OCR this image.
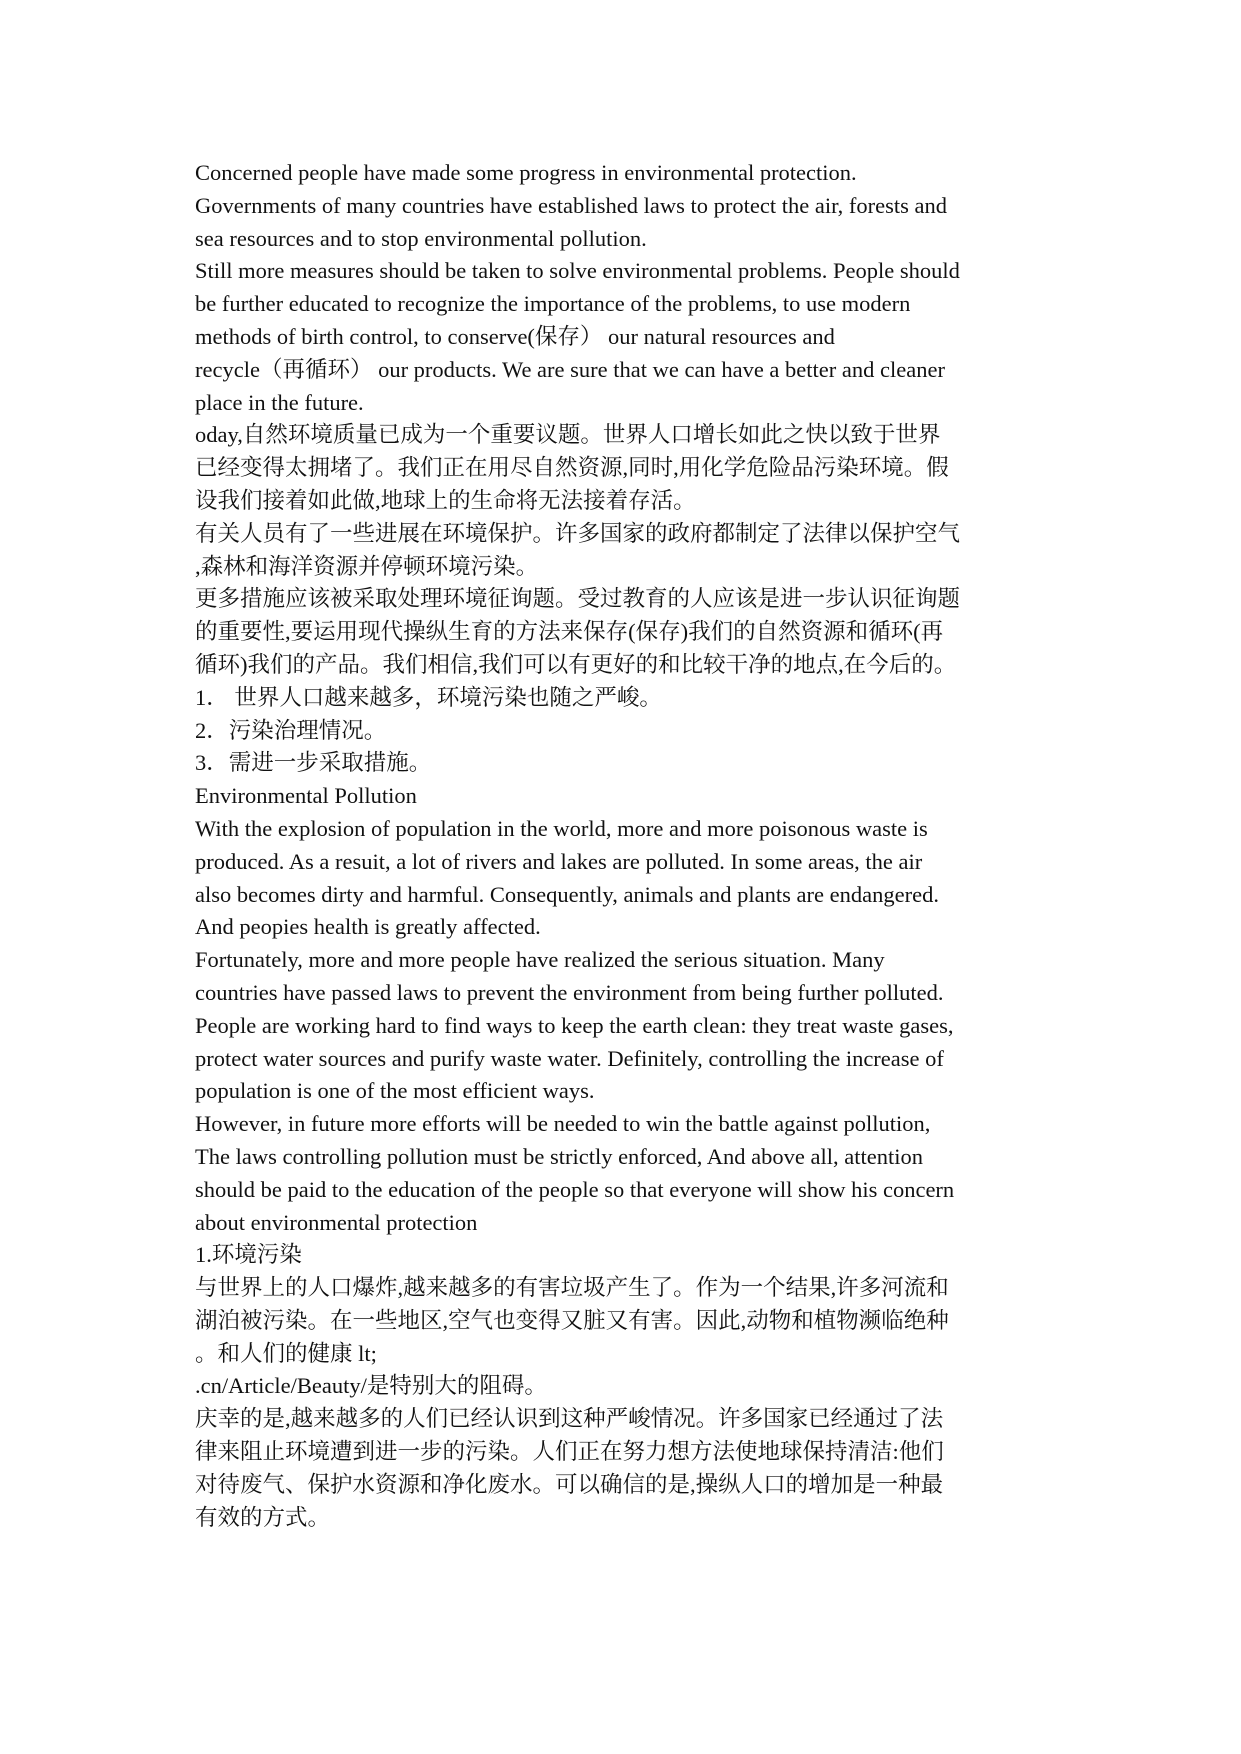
Concerned people have made some progress in environmental protection.
Governments of many countries have established laws to protect the air, forests and
sea resources and to stop environmental pollution.
Still more measures should be taken to solve environmental problems. People should
be further educated to recognize the importance of the problems, to use modern
methods of birth control, to conserve(保存） our natural resources and
recycle（再循环） our products. We are sure that we can have a better and cleaner
place in the future.
oday,自然环境质量已成为一个重要议题。世界人口增长如此之快以致于世界
已经变得太拥堵了。我们正在用尽自然资源,同时,用化学危险品污染环境。假
设我们接着如此做,地球上的生命将无法接着存活。
有关人员有了一些进展在环境保护。许多国家的政府都制定了法律以保护空气
,森林和海洋资源并停顿环境污染。
更多措施应该被采取处理环境征询题。受过教育的人应该是进一步认识征询题
的重要性,要运用现代操纵生育的方法来保存(保存)我们的自然资源和循环(再
循环)我们的产品。我们相信,我们可以有更好的和比较干净的地点,在今后的。
1． 世界人口越来越多，环境污染也随之严峻。
2．污染治理情况。
3．需进一步采取措施。
Environmental Pollution
With the explosion of population in the world, more and more poisonous waste is
produced. As a resuit, a lot of rivers and lakes are polluted. In some areas, the air
also becomes dirty and harmful. Consequently, animals and plants are endangered.
And peopies health is greatly affected.
Fortunately, more and more people have realized the serious situation. Many
countries have passed laws to prevent the environment from being further polluted.
People are working hard to find ways to keep the earth clean: they treat waste gases,
protect water sources and purify waste water. Definitely, controlling the increase of
population is one of the most efficient ways.
However, in future more efforts will be needed to win the battle against pollution,
The laws controlling pollution must be strictly enforced, And above all, attention
should be paid to the education of the people so that everyone will show his concern
about environmental protection
1.环境污染
与世界上的人口爆炸,越来越多的有害垃圾产生了。作为一个结果,许多河流和
湖泊被污染。在一些地区,空气也变得又脏又有害。因此,动物和植物濒临绝种
。和人们的健康 lt;
.cn/Article/Beauty/是特别大的阻碍。
庆幸的是,越来越多的人们已经认识到这种严峻情况。许多国家已经通过了法
律来阻止环境遭到进一步的污染。人们正在努力想方法使地球保持清洁:他们
对待废气、保护水资源和净化废水。可以确信的是,操纵人口的增加是一种最
有效的方式。
